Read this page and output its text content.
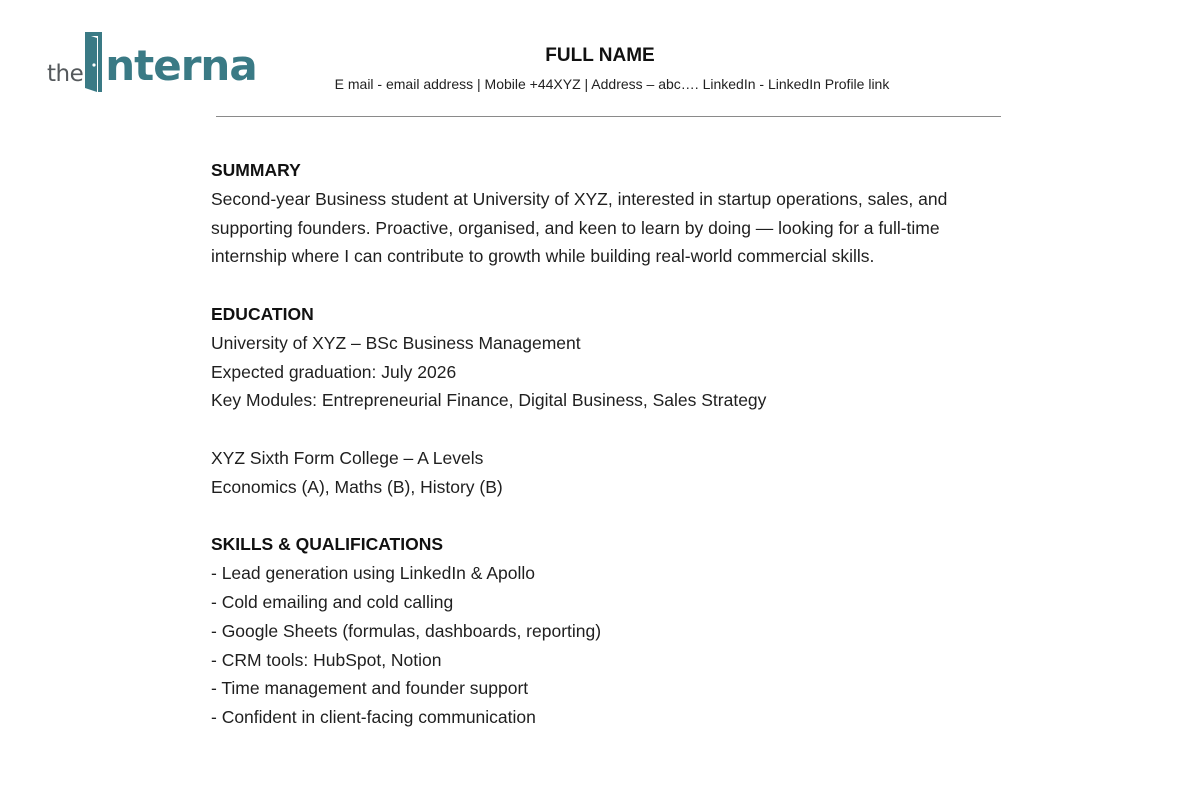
the nterna	FULL NAME
E mail - email address | Mobile +44XYZ | Address – abc…. LinkedIn - LinkedIn Profile link
SUMMARY
Second-year Business student at University of XYZ, interested in startup operations, sales, and supporting founders. Proactive, organised, and keen to learn by doing — looking for a full-time internship where I can contribute to growth while building real-world commercial skills.
EDUCATION
University of XYZ – BSc Business Management
Expected graduation: July 2026
Key Modules: Entrepreneurial Finance, Digital Business, Sales Strategy
XYZ Sixth Form College – A Levels
Economics (A), Maths (B), History (B)
SKILLS & QUALIFICATIONS
- Lead generation using LinkedIn & Apollo
- Cold emailing and cold calling
- Google Sheets (formulas, dashboards, reporting)
- CRM tools: HubSpot, Notion
- Time management and founder support
- Confident in client-facing communication
